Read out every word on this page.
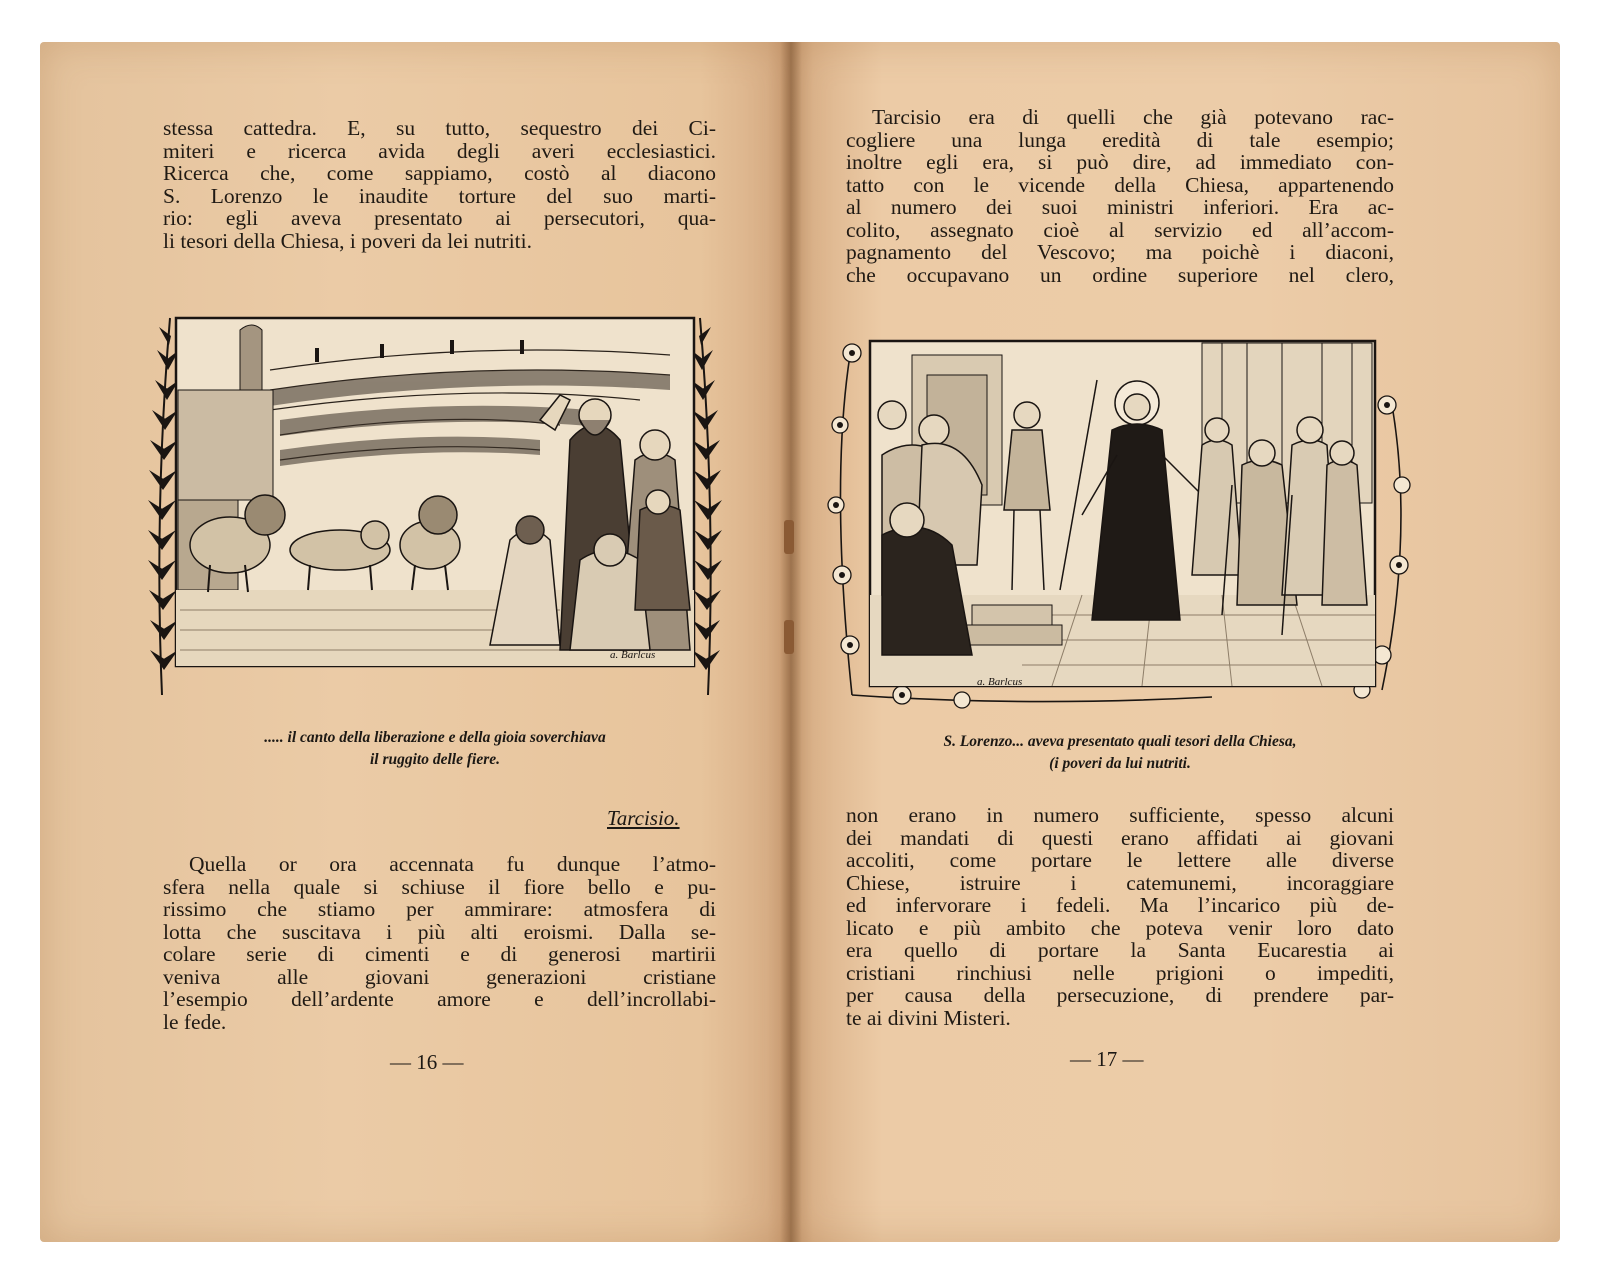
stessa cattedra. E, su tutto, sequestro dei Ci-
miteri e ricerca avida degli averi ecclesiastici.
Ricerca che, come sappiamo, costò al diacono
S. Lorenzo le inaudite torture del suo marti-
rio: egli aveva presentato ai persecutori, qua-
li tesori della Chiesa, i poveri da lei nutriti.
a. Barlcus
..... il canto della liberazione e della gioia soverchiava
il ruggito delle fiere.
Tarcisio.
Quella or ora accennata fu dunque l’atmo-
sfera nella quale si schiuse il fiore bello e pu-
rissimo che stiamo per ammirare: atmosfera di
lotta che suscitava i più alti eroismi. Dalla se-
colare serie di cimenti e di generosi martirii
veniva alle giovani generazioni cristiane
l’esempio dell’ardente amore e dell’incrollabi-
le fede.
— 16 —
Tarcisio era di quelli che già potevano rac-
cogliere una lunga eredità di tale esempio;
inoltre egli era, si può dire, ad immediato con-
tatto con le vicende della Chiesa, appartenendo
al numero dei suoi ministri inferiori. Era ac-
colito, assegnato cioè al servizio ed all’accom-
pagnamento del Vescovo; ma poichè i diaconi,
che occupavano un ordine superiore nel clero,
a. Barlcus
S. Lorenzo... aveva presentato quali tesori della Chiesa,
(i poveri da lui nutriti.
non erano in numero sufficiente, spesso alcuni
dei mandati di questi erano affidati ai giovani
accoliti, come portare le lettere alle diverse
Chiese, istruire i catemunemi, incoraggiare
ed infervorare i fedeli. Ma l’incarico più de-
licato e più ambito che poteva venir loro dato
era quello di portare la Santa Eucarestia ai
cristiani rinchiusi nelle prigioni o impediti,
per causa della persecuzione, di prendere par-
te ai divini Misteri.
— 17 —
